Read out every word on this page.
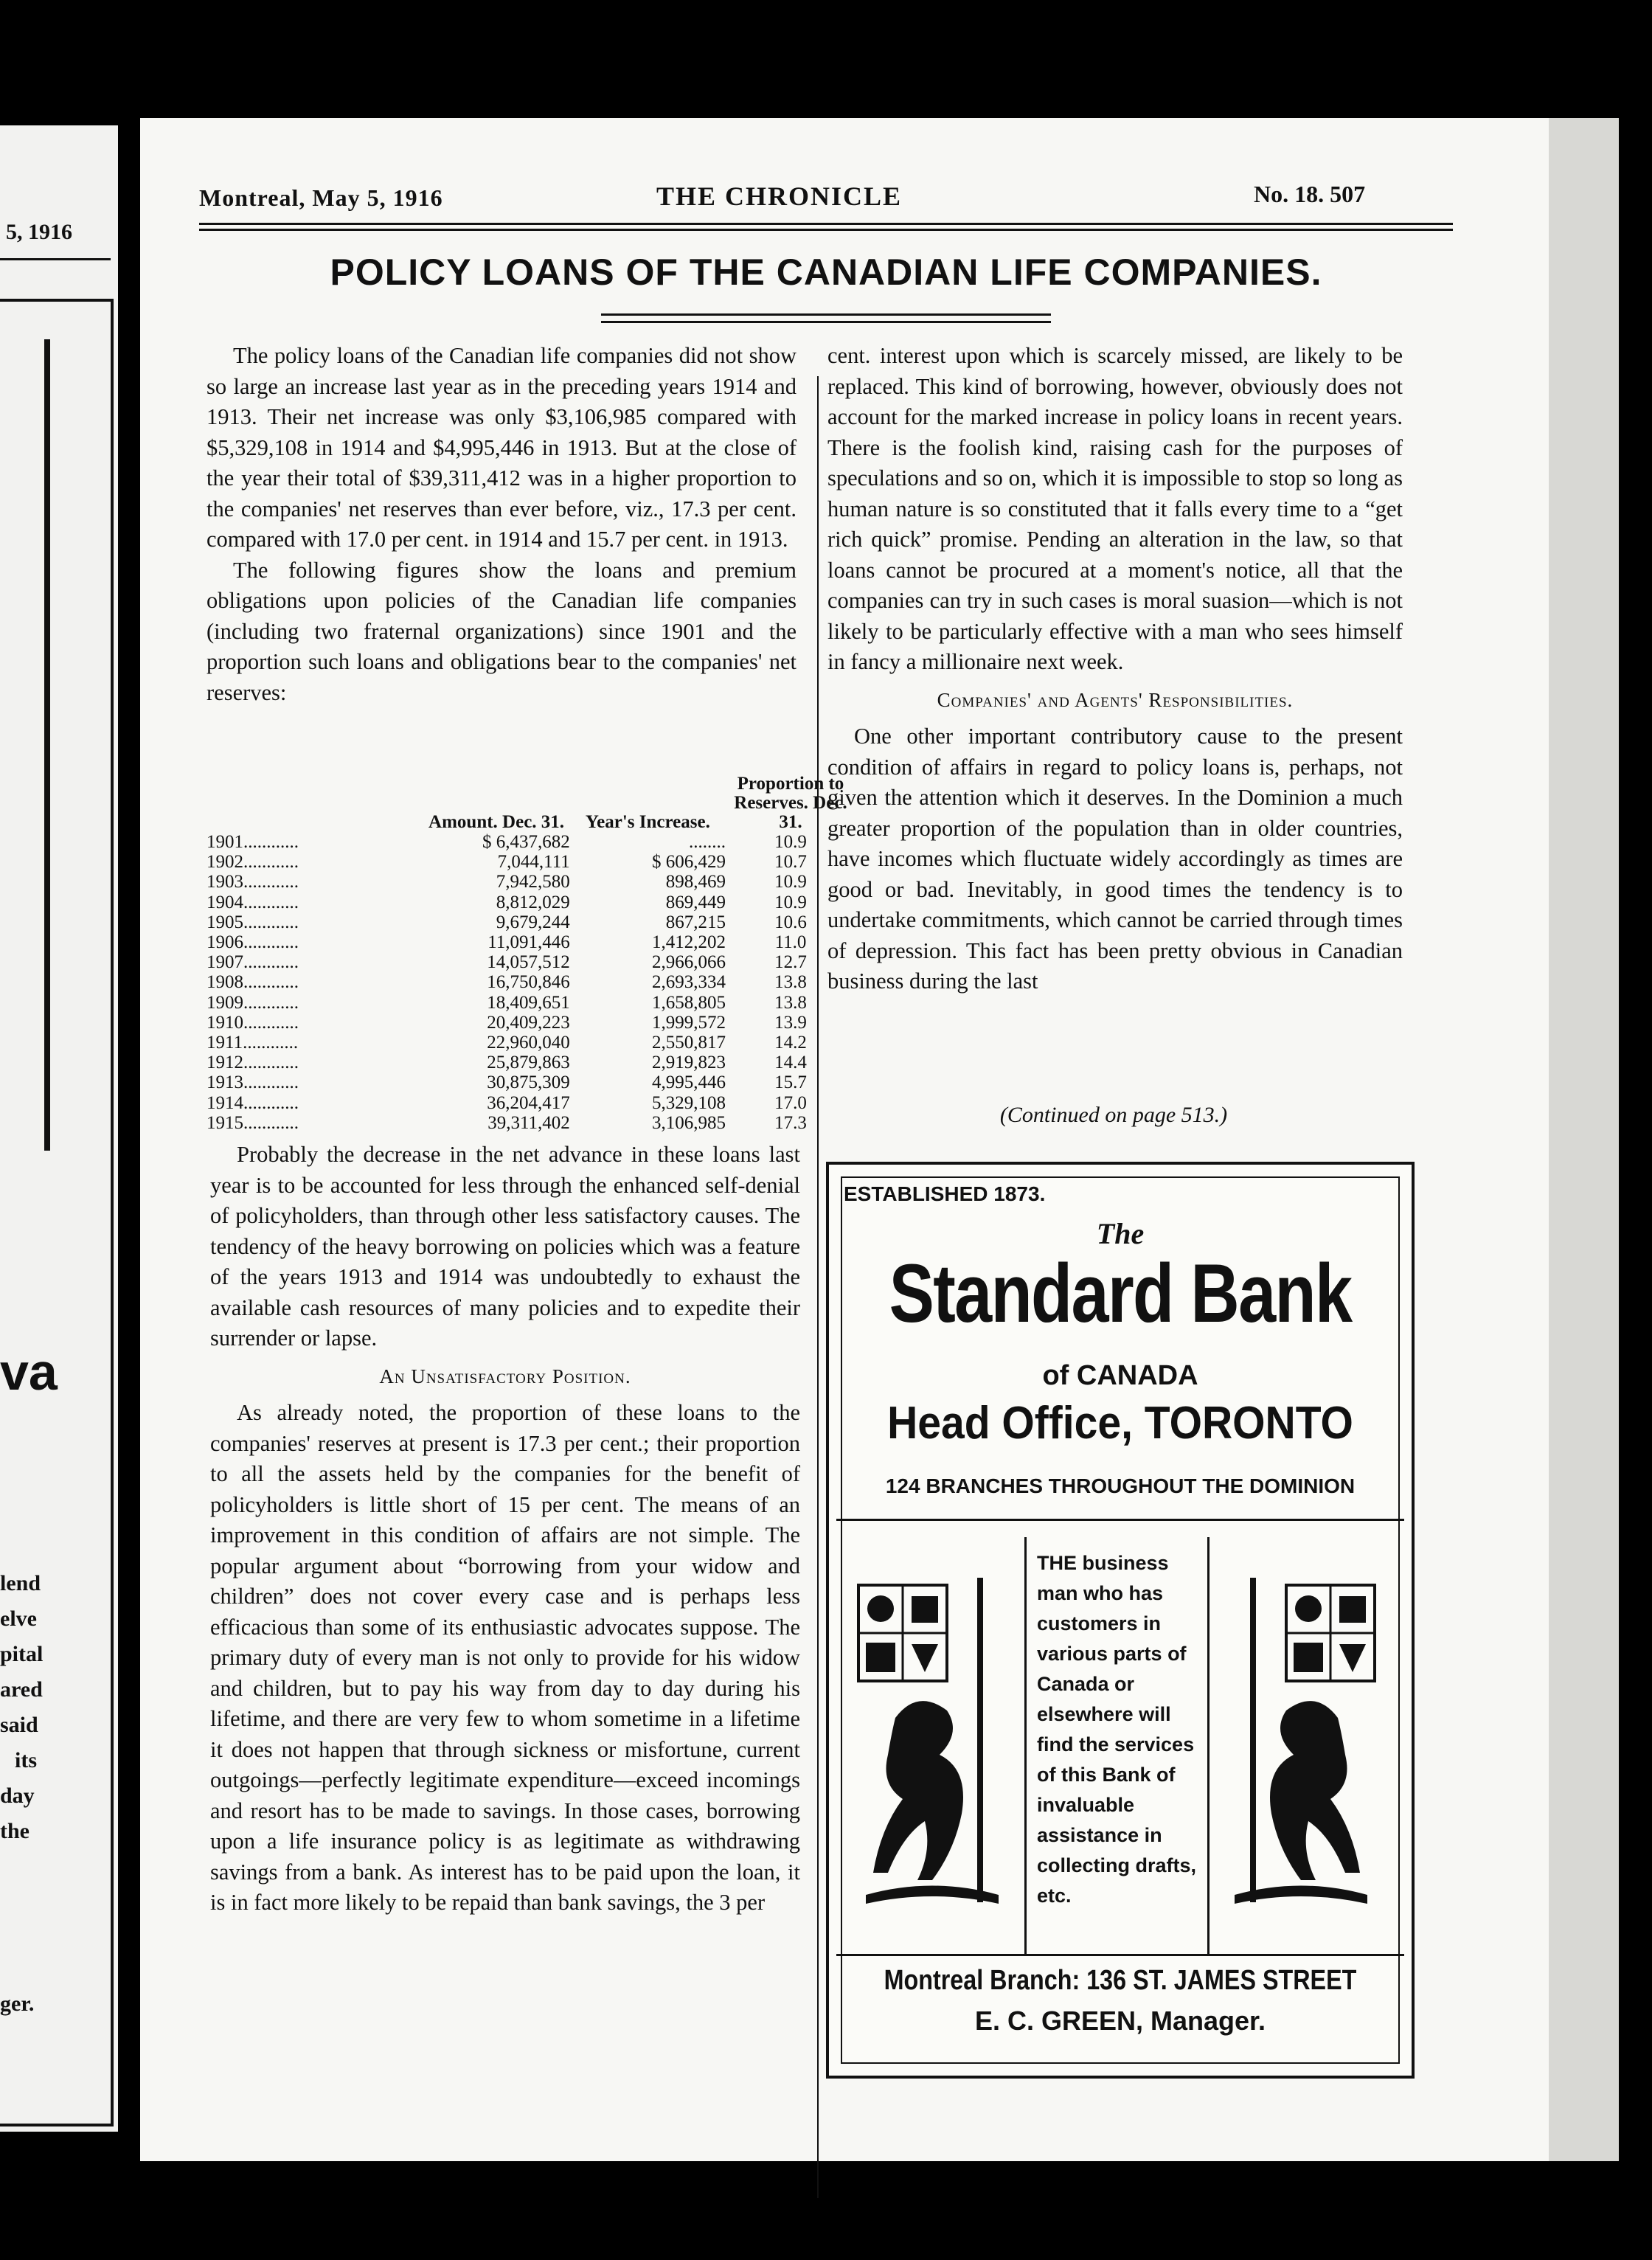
5, 1916
va
lend
elve
pital
ared
said
its
day
the
ger.
Montreal, May 5, 1916	THE CHRONICLE	No. 18. 507
POLICY LOANS OF THE CANADIAN LIFE COMPANIES.

The policy loans of the Canadian life companies did not show so large an increase last year as in the preceding years 1914 and 1913. Their net increase was only $3,106,985 compared with $5,329,108 in 1914 and $4,995,446 in 1913. But at the close of the year their total of $39,311,412 was in a higher proportion to the companies' net reserves than ever before, viz., 17.3 per cent. compared with 17.0 per cent. in 1914 and 15.7 per cent. in 1913.

The following figures show the loans and premium obligations upon policies of the Canadian life companies (including two fraternal organizations) since 1901 and the proportion such loans and obligations bear to the companies' net reserves:

	Amount. Dec. 31.	Year's Increase.	Proportion to Reserves. Dec. 31.
1901............	$ 6,437,682	........	10.9
1902............	7,044,111	$ 606,429	10.7
1903............	7,942,580	898,469	10.9
1904............	8,812,029	869,449	10.9
1905............	9,679,244	867,215	10.6
1906............	11,091,446	1,412,202	11.0
1907............	14,057,512	2,966,066	12.7
1908............	16,750,846	2,693,334	13.8
1909............	18,409,651	1,658,805	13.8
1910............	20,409,223	1,999,572	13.9
1911............	22,960,040	2,550,817	14.2
1912............	25,879,863	2,919,823	14.4
1913............	30,875,309	4,995,446	15.7
1914............	36,204,417	5,329,108	17.0
1915............	39,311,402	3,106,985	17.3

Probably the decrease in the net advance in these loans last year is to be accounted for less through the enhanced self-denial of policyholders, than through other less satisfactory causes. The tendency of the heavy borrowing on policies which was a feature of the years 1913 and 1914 was undoubtedly to exhaust the available cash resources of many policies and to expedite their surrender or lapse.

An Unsatisfactory Position.

As already noted, the proportion of these loans to the companies' reserves at present is 17.3 per cent.; their proportion to all the assets held by the companies for the benefit of policyholders is little short of 15 per cent. The means of an improvement in this condition of affairs are not simple. The popular argument about “borrowing from your widow and children” does not cover every case and is perhaps less efficacious than some of its enthusiastic advocates suppose. The primary duty of every man is not only to provide for his widow and children, but to pay his way from day to day during his lifetime, and there are very few to whom sometime in a lifetime it does not happen that through sickness or misfortune, current outgoings—perfectly legitimate expenditure—exceed incomings and resort has to be made to savings. In those cases, borrowing upon a life insurance policy is as legitimate as withdrawing savings from a bank. As interest has to be paid upon the loan, it is in fact more likely to be repaid than bank savings, the 3 per

cent. interest upon which is scarcely missed, are likely to be replaced. This kind of borrowing, however, obviously does not account for the marked increase in policy loans in recent years. There is the foolish kind, raising cash for the purposes of speculations and so on, which it is impossible to stop so long as human nature is so constituted that it falls every time to a “get rich quick” promise. Pending an alteration in the law, so that loans cannot be procured at a moment's notice, all that the companies can try in such cases is moral suasion—which is not likely to be particularly effective with a man who sees himself in fancy a millionaire next week.

Companies' and Agents' Responsibilities.

One other important contributory cause to the present condition of affairs in regard to policy loans is, perhaps, not given the attention which it deserves. In the Dominion a much greater proportion of the population than in older countries, have incomes which fluctuate widely accordingly as times are good or bad. Inevitably, in good times the tendency is to undertake commitments, which cannot be carried through times of depression. This fact has been pretty obvious in Canadian business during the last

(Continued on page 513.)
ESTABLISHED 1873.
The
Standard Bank
of CANADA
Head Office, TORONTO
124 BRANCHES THROUGHOUT THE DOMINION
THE business man who has customers in various parts of Canada or elsewhere will find the services of this Bank of invaluable assistance in collecting drafts, etc.
Montreal Branch: 136 ST. JAMES STREET
E. C. GREEN, Manager.
